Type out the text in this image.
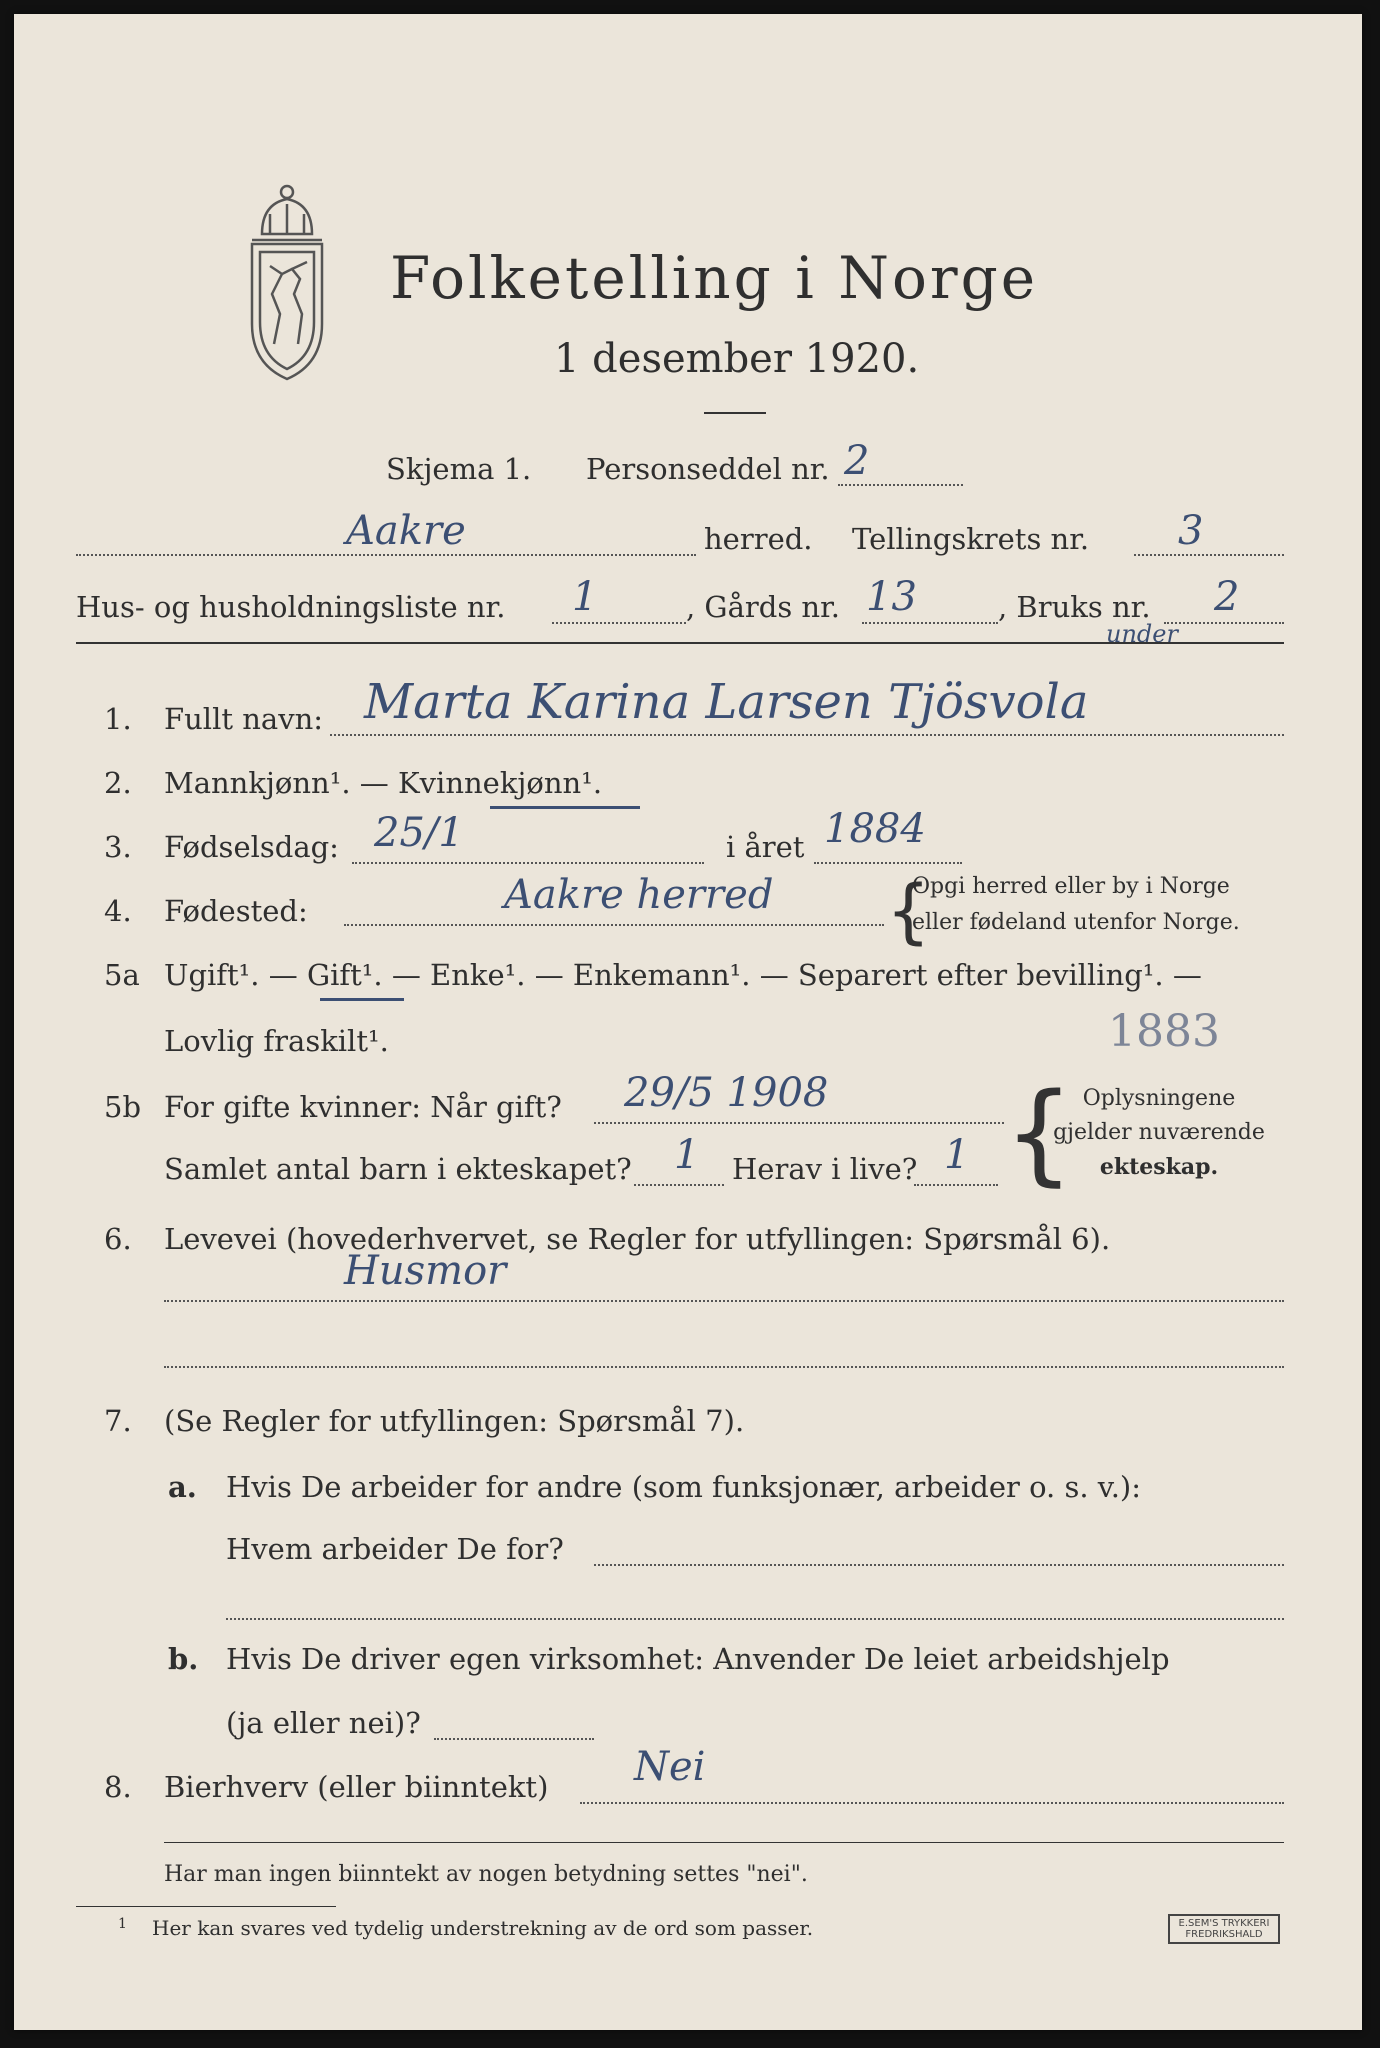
Folketelling i Norge
1 desember 1920.
Skjema 1. Personseddel nr. 2
Aakre	herred. Tellingskrets nr. 3
Hus- og husholdningsliste nr. 1	, Gårds nr. 13	, Bruks nr. 2
under
1.	Fullt navn: Marta Karina Larsen Tjösvola
2.	Mannkjønn¹. — Kvinnekjønn¹.
3.	Fødselsdag: 25/1	i året 1884
4.	Fødested:	Aakre herred {
Opgi herred eller by i Norge
eller fødeland utenfor Norge.
5a Ugift¹. — Gift¹. — Enke¹. — Enkemann¹. — Separert efter bevilling¹. —
Lovlig fraskilt¹.	1883
5b For gifte kvinner: Når gift? 29/5 1908
Samlet antal barn i ekteskapet? 1 Herav i live? 1 { Oplysningene
gjelder nuværende
ekteskap.
6.	Levevei (hovederhvervet, se Regler for utfyllingen: Spørsmål 6).
Husmor
7.	(Se Regler for utfyllingen: Spørsmål 7).
a. Hvis De arbeider for andre (som funksjonær, arbeider o. s. v.):
Hvem arbeider De for?
b. Hvis De driver egen virksomhet: Anvender De leiet arbeidshjelp
(ja eller nei)?
8.	Bierhverv (eller biinntekt) Nei
Har man ingen biinntekt av nogen betydning settes "nei".
1 Her kan svares ved tydelig understrekning av de ord som passer.	E.SEM'S TRYKKERI
FREDRIKSHALD
